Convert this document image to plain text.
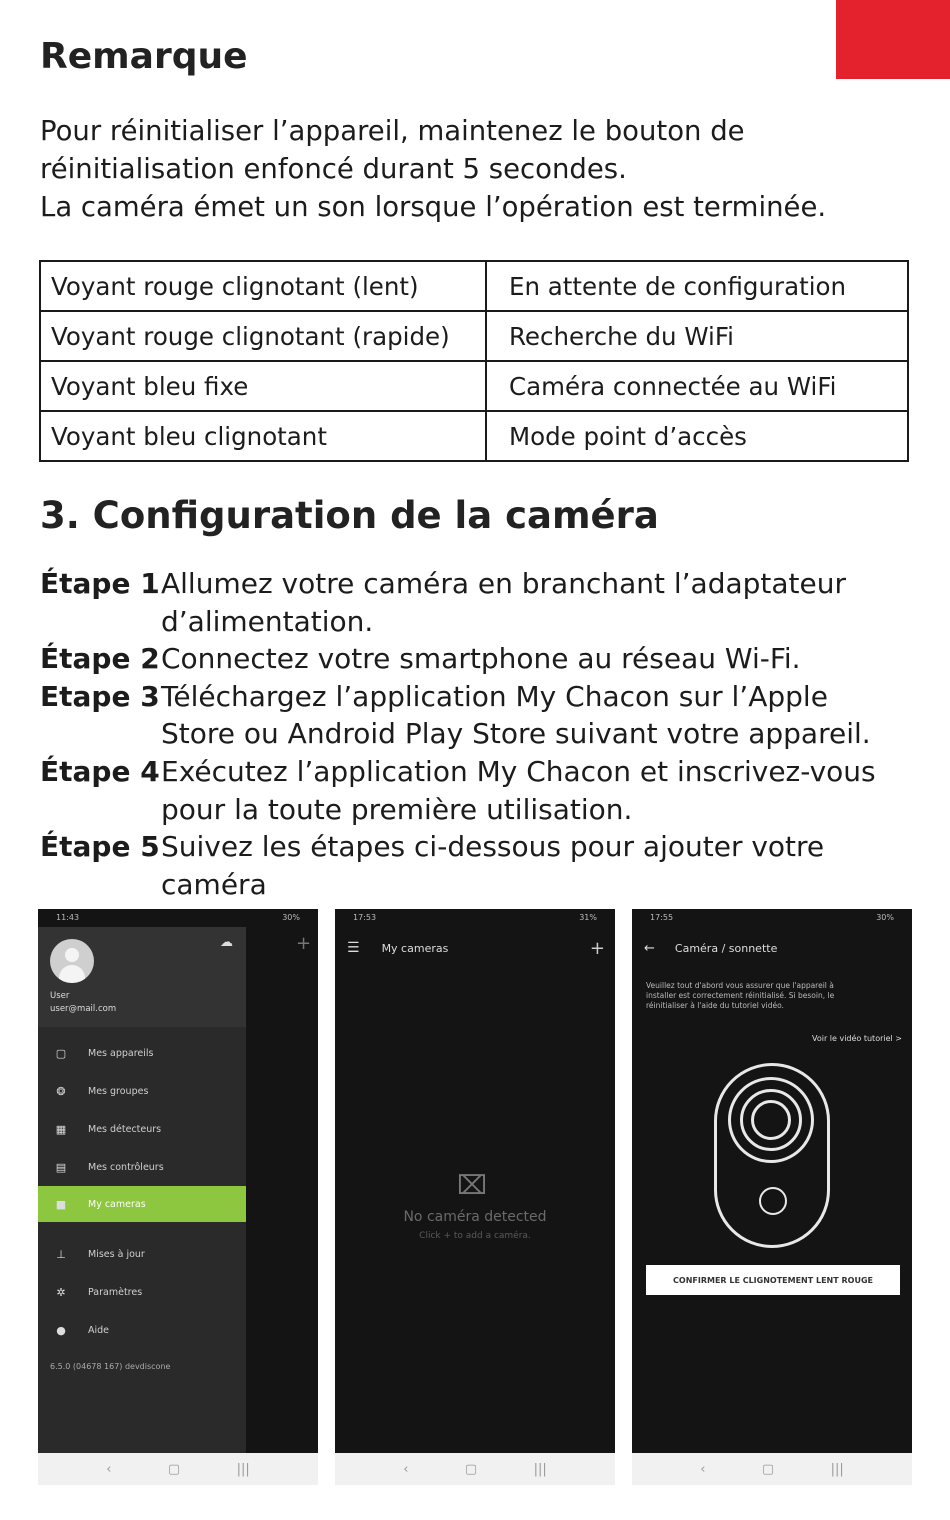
Remarque
Pour réinitialiser l’appareil, maintenez le bouton de
réinitialisation enfoncé durant 5 secondes.
La caméra émet un son lorsque l’opération est terminée.
Voyant rouge clignotant (lent)	En attente de configuration
Voyant rouge clignotant (rapide)	Recherche du WiFi
Voyant bleu fixe	Caméra connectée au WiFi
Voyant bleu clignotant	Mode point d’accès
3. Configuration de la caméra
Étape 1 Allumez votre caméra en branchant l’adaptateur
d’alimentation.
Étape 2 Connectez votre smartphone au réseau Wi-Fi.
Etape 3 Téléchargez l’application My Chacon sur l’Apple
Store ou Android Play Store suivant votre appareil.
Étape 4 Exécutez l’application My Chacon et inscrivez-vous
pour la toute première utilisation.
Étape 5 Suivez les étapes ci-dessous pour ajouter votre
caméra
11:43	30%
+
☁
User
user@mail.com
▢	Mes appareils
❂	Mes groupes
▦	Mes détecteurs
▤	Mes contrôleurs
■	My cameras
⊥	Mises à jour
✲	Paramètres
●	Aide
6.5.0 (04678 167) devdiscone
‹	▢	|||
17:53	31%
☰ My cameras	+
⌧
No caméra detected
Click + to add a caméra.
‹	▢	|||
17:55	30%
← Caméra / sonnette
Veuillez tout d'abord vous assurer que l'appareil à
installer est correctement réinitialisé. Si besoin, le
réinitialiser à l'aide du tutoriel vidéo.
Voir le vidéo tutoriel >
CONFIRMER LE CLIGNOTEMENT LENT ROUGE
‹	▢	|||
